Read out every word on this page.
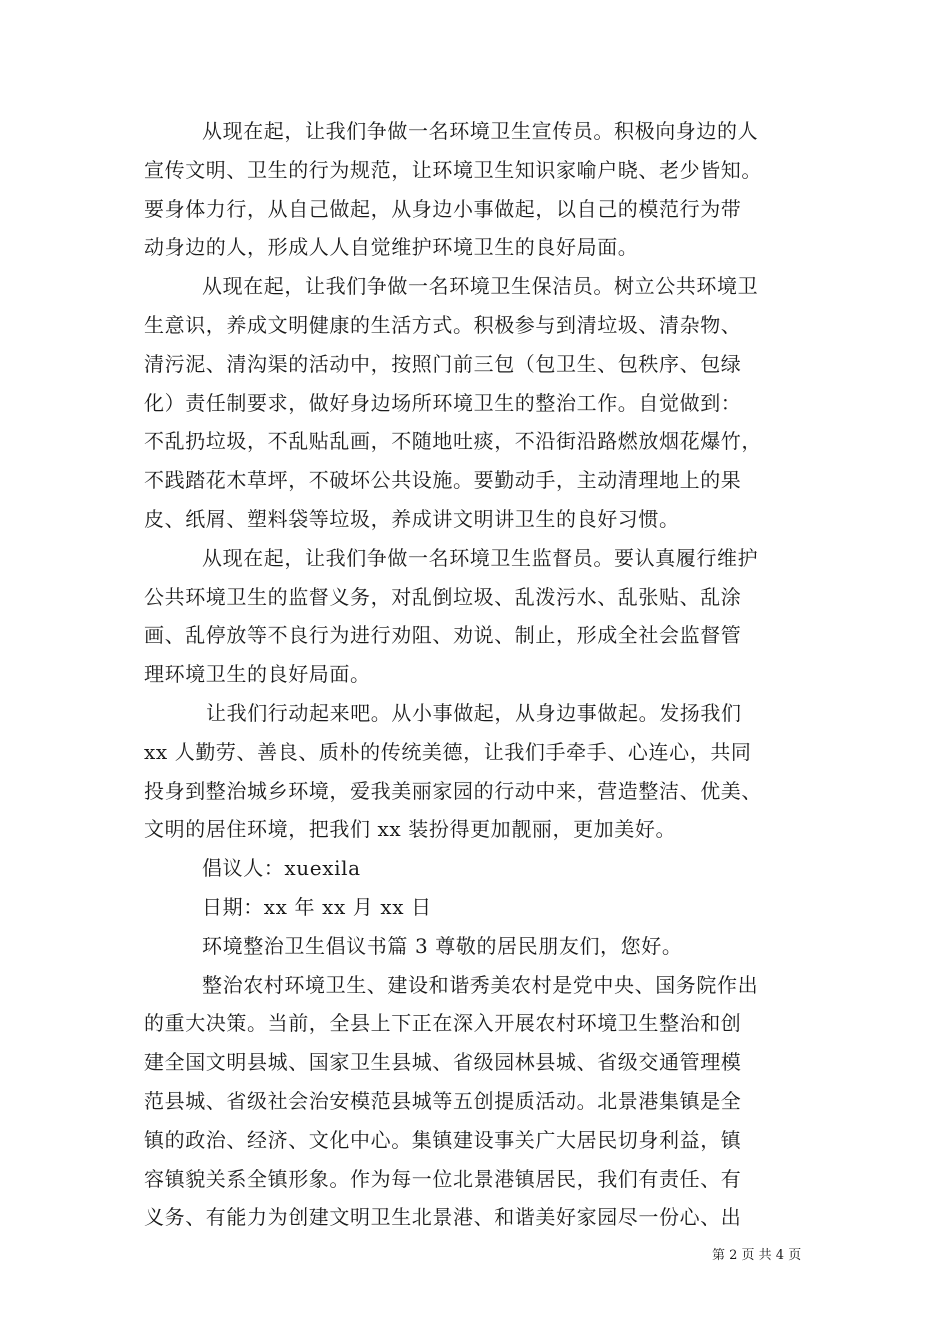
从现在起，让我们争做一名环境卫生宣传员。积极向身边的人
宣传文明、卫生的行为规范，让环境卫生知识家喻户晓、老少皆知。
要身体力行，从自己做起，从身边小事做起，以自己的模范行为带
动身边的人，形成人人自觉维护环境卫生的良好局面。
从现在起，让我们争做一名环境卫生保洁员。树立公共环境卫
生意识，养成文明健康的生活方式。积极参与到清垃圾、清杂物、
清污泥、清沟渠的活动中，按照门前三包（包卫生、包秩序、包绿
化）责任制要求，做好身边场所环境卫生的整治工作。自觉做到：
不乱扔垃圾，不乱贴乱画，不随地吐痰，不沿街沿路燃放烟花爆竹，
不践踏花木草坪，不破坏公共设施。要勤动手，主动清理地上的果
皮、纸屑、塑料袋等垃圾，养成讲文明讲卫生的良好习惯。
从现在起，让我们争做一名环境卫生监督员。要认真履行维护
公共环境卫生的监督义务，对乱倒垃圾、乱泼污水、乱张贴、乱涂
画、乱停放等不良行为进行劝阻、劝说、制止，形成全社会监督管
理环境卫生的良好局面。
让我们行动起来吧。从小事做起，从身边事做起。发扬我们
xx 人勤劳、善良、质朴的传统美德，让我们手牵手、心连心，共同
投身到整治城乡环境，爱我美丽家园的行动中来，营造整洁、优美、
文明的居住环境，把我们 xx 装扮得更加靓丽，更加美好。
倡议人：xuexila
日期：xx 年 xx 月 xx 日
环境整治卫生倡议书篇 3 尊敬的居民朋友们，您好。
整治农村环境卫生、建设和谐秀美农村是党中央、国务院作出
的重大决策。当前，全县上下正在深入开展农村环境卫生整治和创
建全国文明县城、国家卫生县城、省级园林县城、省级交通管理模
范县城、省级社会治安模范县城等五创提质活动。北景港集镇是全
镇的政治、经济、文化中心。集镇建设事关广大居民切身利益，镇
容镇貌关系全镇形象。作为每一位北景港镇居民，我们有责任、有
义务、有能力为创建文明卫生北景港、和谐美好家园尽一份心、出
第 2 页 共 4 页
